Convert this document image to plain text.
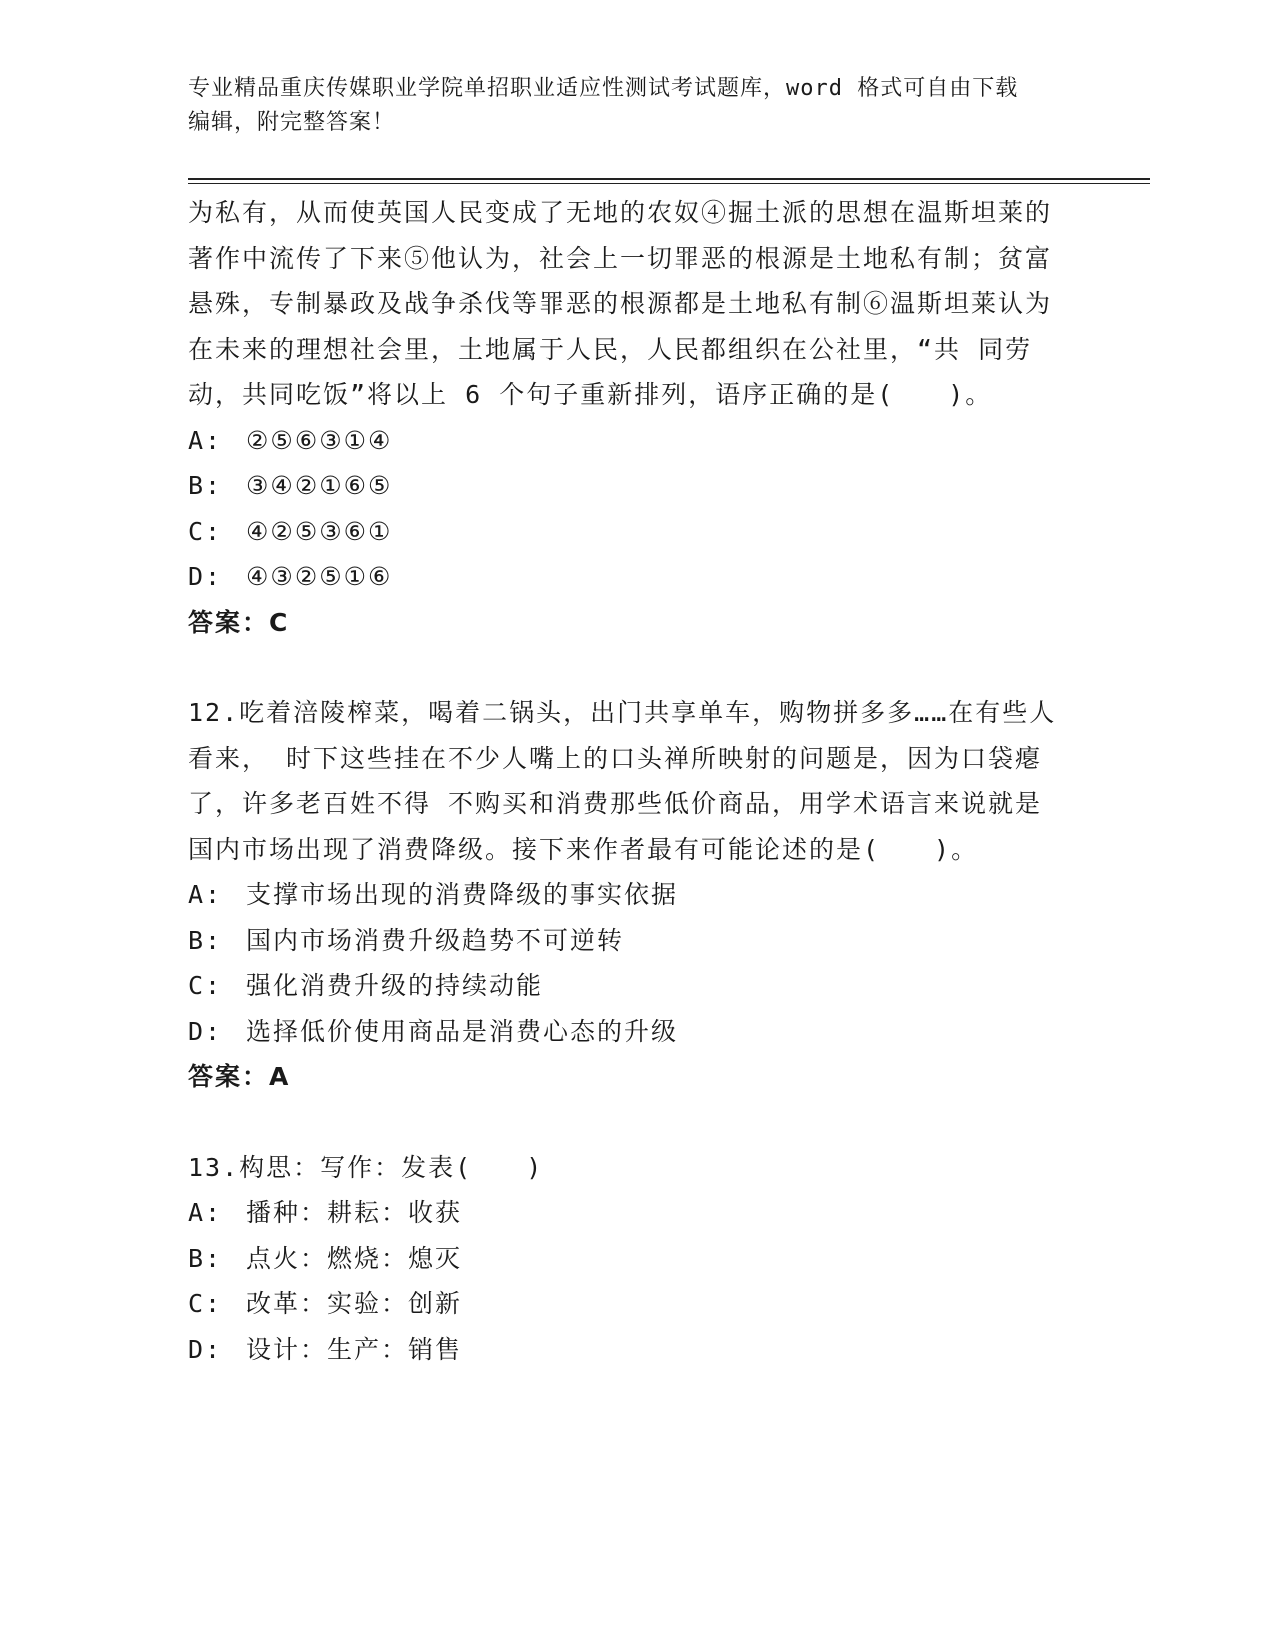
专业精品重庆传媒职业学院单招职业适应性测试考试题库，word 格式可自由下载
编辑，附完整答案！

为私有，从而使英国人民变成了无地的农奴④掘土派的思想在温斯坦莱的著作中流传了下来⑤他认为，社会上一切罪恶的根源是土地私有制；贫富悬殊，专制暴政及战争杀伐等罪恶的根源都是土地私有制⑥温斯坦莱认为在未来的理想社会里，土地属于人民，人民都组织在公社里，“共 同劳动，共同吃饭”将以上 6 个句子重新排列，语序正确的是(　　)。

A: ②⑤⑥③①④
B: ③④②①⑥⑤
C: ④②⑤③⑥①
D: ④③②⑤①⑥
答案：C

12.吃着涪陵榨菜，喝着二锅头，出门共享单车，购物拼多多……在有些人看来， 时下这些挂在不少人嘴上的口头禅所映射的问题是，因为口袋瘪了，许多老百姓不得 不购买和消费那些低价商品，用学术语言来说就是国内市场出现了消费降级。接下来作者最有可能论述的是(　　)。

A: 支撑市场出现的消费降级的事实依据
B: 国内市场消费升级趋势不可逆转
C: 强化消费升级的持续动能
D: 选择低价使用商品是消费心态的升级
答案：A

13.构思：写作：发表(　　)

A: 播种：耕耘：收获
B: 点火：燃烧：熄灭
C: 改革：实验：创新
D: 设计：生产：销售
